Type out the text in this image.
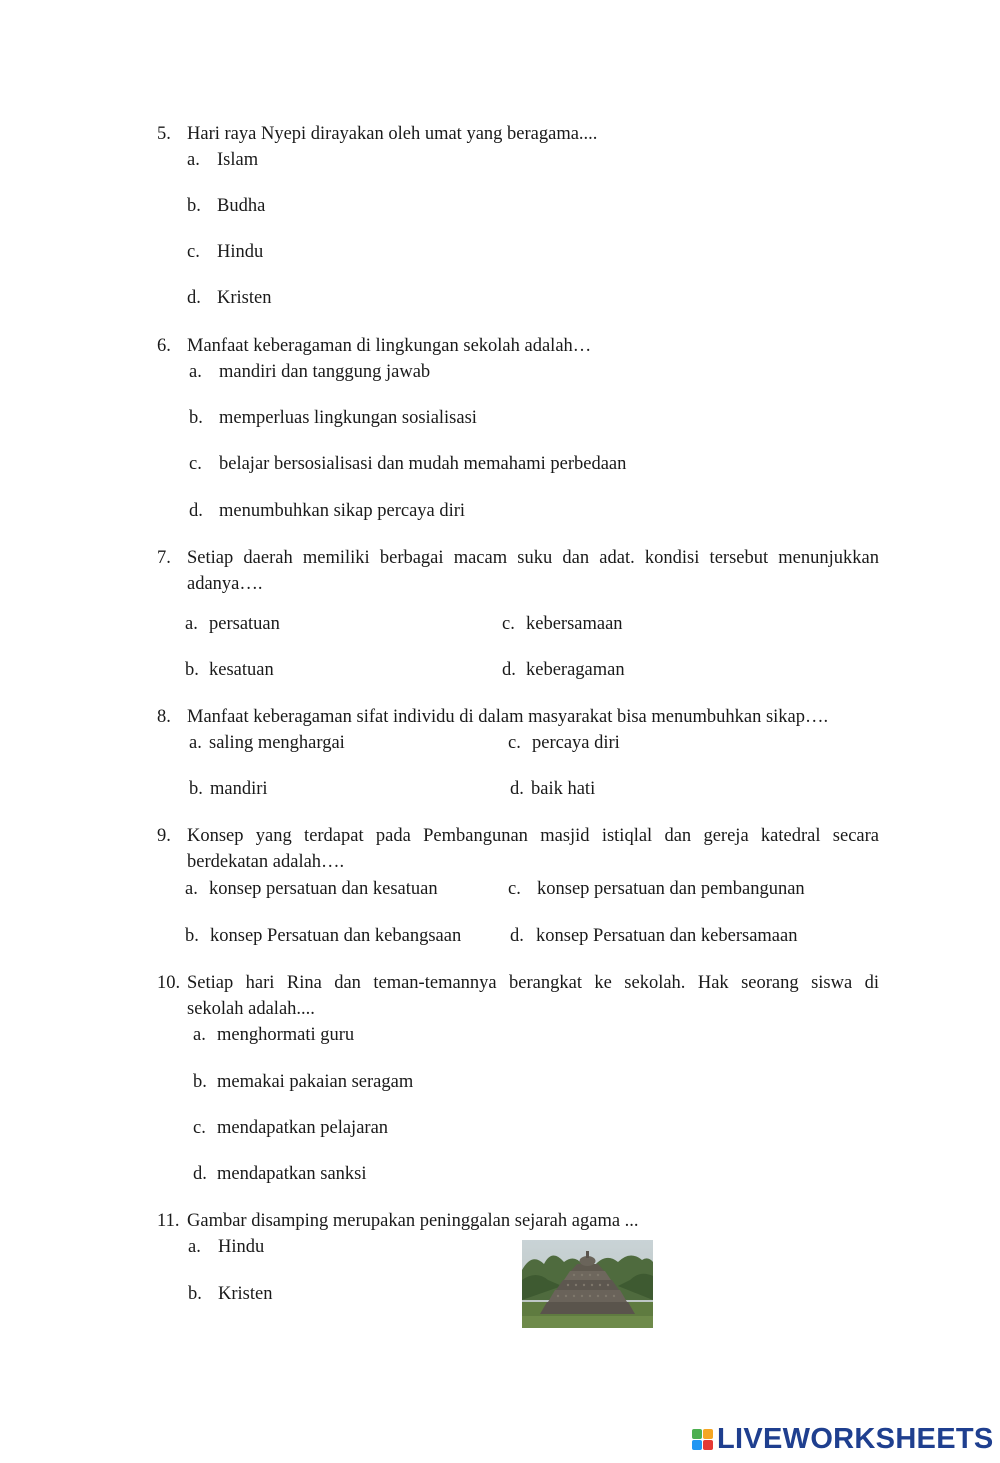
5. Hari raya Nyepi dirayakan oleh umat yang beragama....
a. Islam
b. Budha
c. Hindu
d. Kristen
6. Manfaat keberagaman di lingkungan sekolah adalah…
a. mandiri dan tanggung jawab
b. memperluas lingkungan sosialisasi
c. belajar bersosialisasi dan mudah memahami perbedaan
d. menumbuhkan sikap percaya diri
7. Setiap daerah memiliki berbagai macam suku dan adat. kondisi tersebut menunjukkan
adanya….
a. persatuan	c. kebersamaan
b. kesatuan	d. keberagaman
8. Manfaat keberagaman sifat individu di dalam masyarakat bisa menumbuhkan sikap….
a. saling menghargai	c. percaya diri
b. mandiri	d. baik hati
9. Konsep yang terdapat pada Pembangunan masjid istiqlal dan gereja katedral secara
berdekatan adalah….
a. konsep persatuan dan kesatuan	c. konsep persatuan dan pembangunan
b. konsep Persatuan dan kebangsaan	d. konsep Persatuan dan kebersamaan
10. Setiap hari Rina dan teman-temannya berangkat ke sekolah. Hak seorang siswa di
sekolah adalah....
a. menghormati guru
b. memakai pakaian seragam
c. mendapatkan pelajaran
d. mendapatkan sanksi
11. Gambar disamping merupakan peninggalan sejarah agama ...
a. Hindu
b. Kristen
LIVEWORKSHEETS
